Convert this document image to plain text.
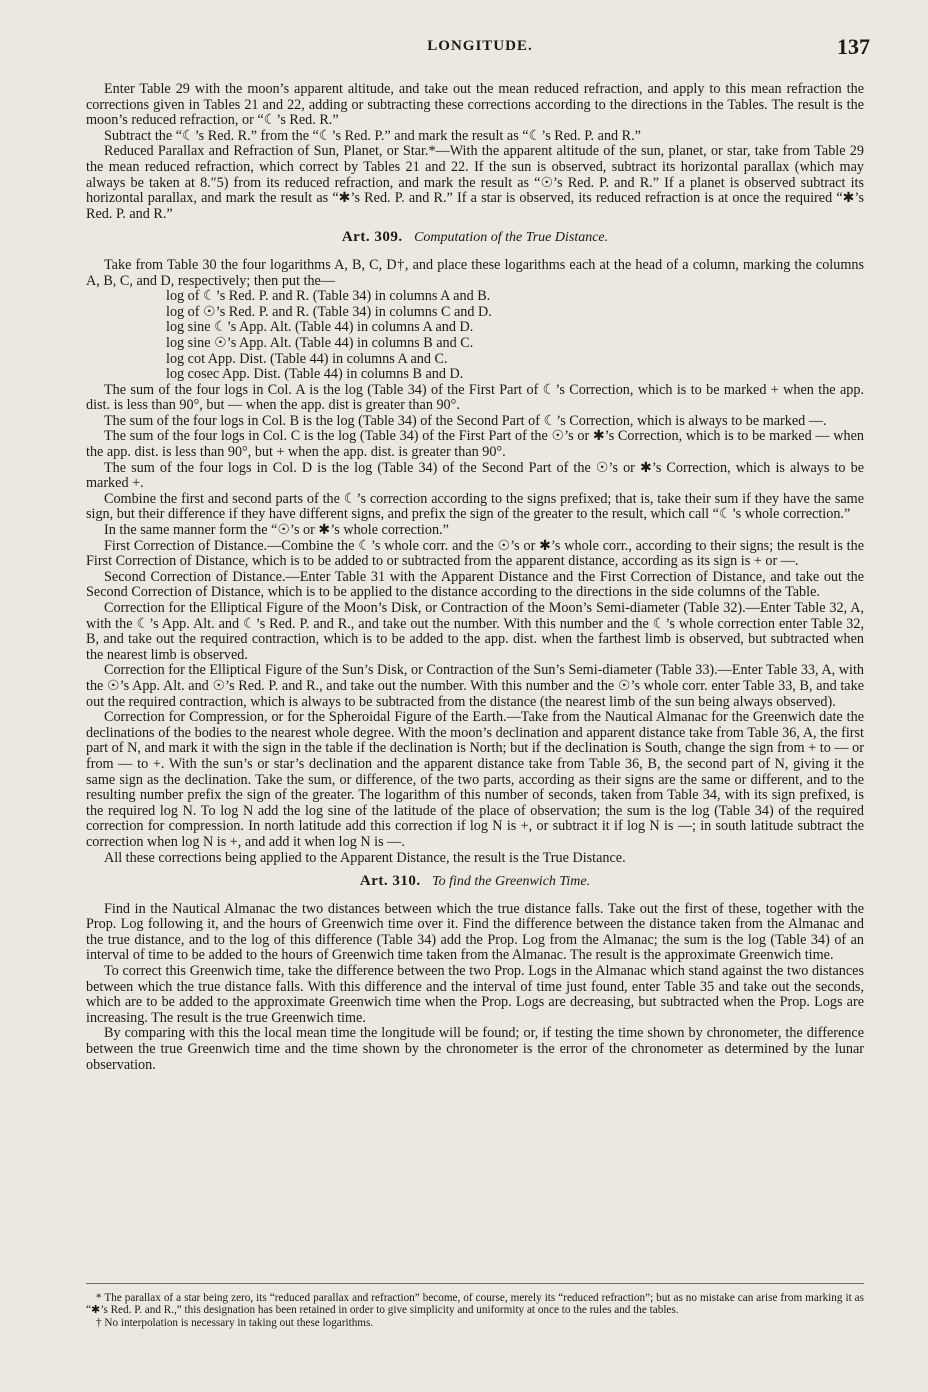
LONGITUDE.	137

Enter Table 29 with the moon’s apparent altitude, and take out the mean reduced refraction, and apply to this mean refraction the corrections given in Tables 21 and 22, adding or subtracting these corrections according to the directions in the Tables. The result is the moon’s reduced refraction, or “☾’s Red. R.”

Subtract the “☾’s Red. R.” from the “☾’s Red. P.” and mark the result as “☾’s Red. P. and R.”

Reduced Parallax and Refraction of Sun, Planet, or Star.*—With the apparent altitude of the sun, planet, or star, take from Table 29 the mean reduced refraction, which correct by Tables 21 and 22. If the sun is observed, subtract its horizontal parallax (which may always be taken at 8.″5) from its reduced refraction, and mark the result as “☉’s Red. P. and R.” If a planet is observed subtract its horizontal parallax, and mark the result as “✱’s Red. P. and R.” If a star is observed, its reduced refraction is at once the required “✱’s Red. P. and R.”

Art. 309. Computation of the True Distance.

Take from Table 30 the four logarithms A, B, C, D†, and place these logarithms each at the head of a column, marking the columns A, B, C, and D, respectively; then put the—

log of ☾’s Red. P. and R. (Table 34) in columns A and B.
log of ☉’s Red. P. and R. (Table 34) in columns C and D.
log sine ☾’s App. Alt. (Table 44) in columns A and D.
log sine ☉’s App. Alt. (Table 44) in columns B and C.
log cot App. Dist. (Table 44) in columns A and C.
log cosec App. Dist. (Table 44) in columns B and D.

The sum of the four logs in Col. A is the log (Table 34) of the First Part of ☾’s Correction, which is to be marked + when the app. dist. is less than 90°, but — when the app. dist is greater than 90°.

The sum of the four logs in Col. B is the log (Table 34) of the Second Part of ☾’s Correction, which is always to be marked —.

The sum of the four logs in Col. C is the log (Table 34) of the First Part of the ☉’s or ✱’s Correction, which is to be marked — when the app. dist. is less than 90°, but + when the app. dist. is greater than 90°.

The sum of the four logs in Col. D is the log (Table 34) of the Second Part of the ☉’s or ✱’s Correction, which is always to be marked +.

Combine the first and second parts of the ☾’s correction according to the signs prefixed; that is, take their sum if they have the same sign, but their difference if they have different signs, and prefix the sign of the greater to the result, which call “☾’s whole correction.”

In the same manner form the “☉’s or ✱’s whole correction.”

First Correction of Distance.—Combine the ☾’s whole corr. and the ☉’s or ✱’s whole corr., according to their signs; the result is the First Correction of Distance, which is to be added to or subtracted from the apparent distance, according as its sign is + or —.

Second Correction of Distance.—Enter Table 31 with the Apparent Distance and the First Correction of Distance, and take out the Second Correction of Distance, which is to be applied to the distance according to the directions in the side columns of the Table.

Correction for the Elliptical Figure of the Moon’s Disk, or Contraction of the Moon’s Semi-diameter (Table 32).—Enter Table 32, A, with the ☾’s App. Alt. and ☾’s Red. P. and R., and take out the number. With this number and the ☾’s whole correction enter Table 32, B, and take out the required contraction, which is to be added to the app. dist. when the farthest limb is observed, but subtracted when the nearest limb is observed.

Correction for the Elliptical Figure of the Sun’s Disk, or Contraction of the Sun’s Semi-diameter (Table 33).—Enter Table 33, A, with the ☉’s App. Alt. and ☉’s Red. P. and R., and take out the number. With this number and the ☉’s whole corr. enter Table 33, B, and take out the required contraction, which is always to be subtracted from the distance (the nearest limb of the sun being always observed).

Correction for Compression, or for the Spheroidal Figure of the Earth.—Take from the Nautical Almanac for the Greenwich date the declinations of the bodies to the nearest whole degree. With the moon’s declination and apparent distance take from Table 36, A, the first part of N, and mark it with the sign in the table if the declination is North; but if the declination is South, change the sign from + to — or from — to +. With the sun’s or star’s declination and the apparent distance take from Table 36, B, the second part of N, giving it the same sign as the declination. Take the sum, or difference, of the two parts, according as their signs are the same or different, and to the resulting number prefix the sign of the greater. The logarithm of this number of seconds, taken from Table 34, with its sign prefixed, is the required log N. To log N add the log sine of the latitude of the place of observation; the sum is the log (Table 34) of the required correction for compression. In north latitude add this correction if log N is +, or subtract it if log N is —; in south latitude subtract the correction when log N is +, and add it when log N is —.

All these corrections being applied to the Apparent Distance, the result is the True Distance.

Art. 310. To find the Greenwich Time.

Find in the Nautical Almanac the two distances between which the true distance falls. Take out the first of these, together with the Prop. Log following it, and the hours of Greenwich time over it. Find the difference between the distance taken from the Almanac and the true distance, and to the log of this difference (Table 34) add the Prop. Log from the Almanac; the sum is the log (Table 34) of an interval of time to be added to the hours of Greenwich time taken from the Almanac. The result is the approximate Greenwich time.

To correct this Greenwich time, take the difference between the two Prop. Logs in the Almanac which stand against the two distances between which the true distance falls. With this difference and the interval of time just found, enter Table 35 and take out the seconds, which are to be added to the approximate Greenwich time when the Prop. Logs are decreasing, but subtracted when the Prop. Logs are increasing. The result is the true Greenwich time.

By comparing with this the local mean time the longitude will be found; or, if testing the time shown by chronometer, the difference between the true Greenwich time and the time shown by the chronometer is the error of the chronometer as determined by the lunar observation.

* The parallax of a star being zero, its “reduced parallax and refraction” become, of course, merely its “reduced refraction”; but as no mistake can arise from marking it as “✱’s Red. P. and R.,” this designation has been retained in order to give simplicity and uniformity at once to the rules and the tables.
† No interpolation is necessary in taking out these logarithms.
